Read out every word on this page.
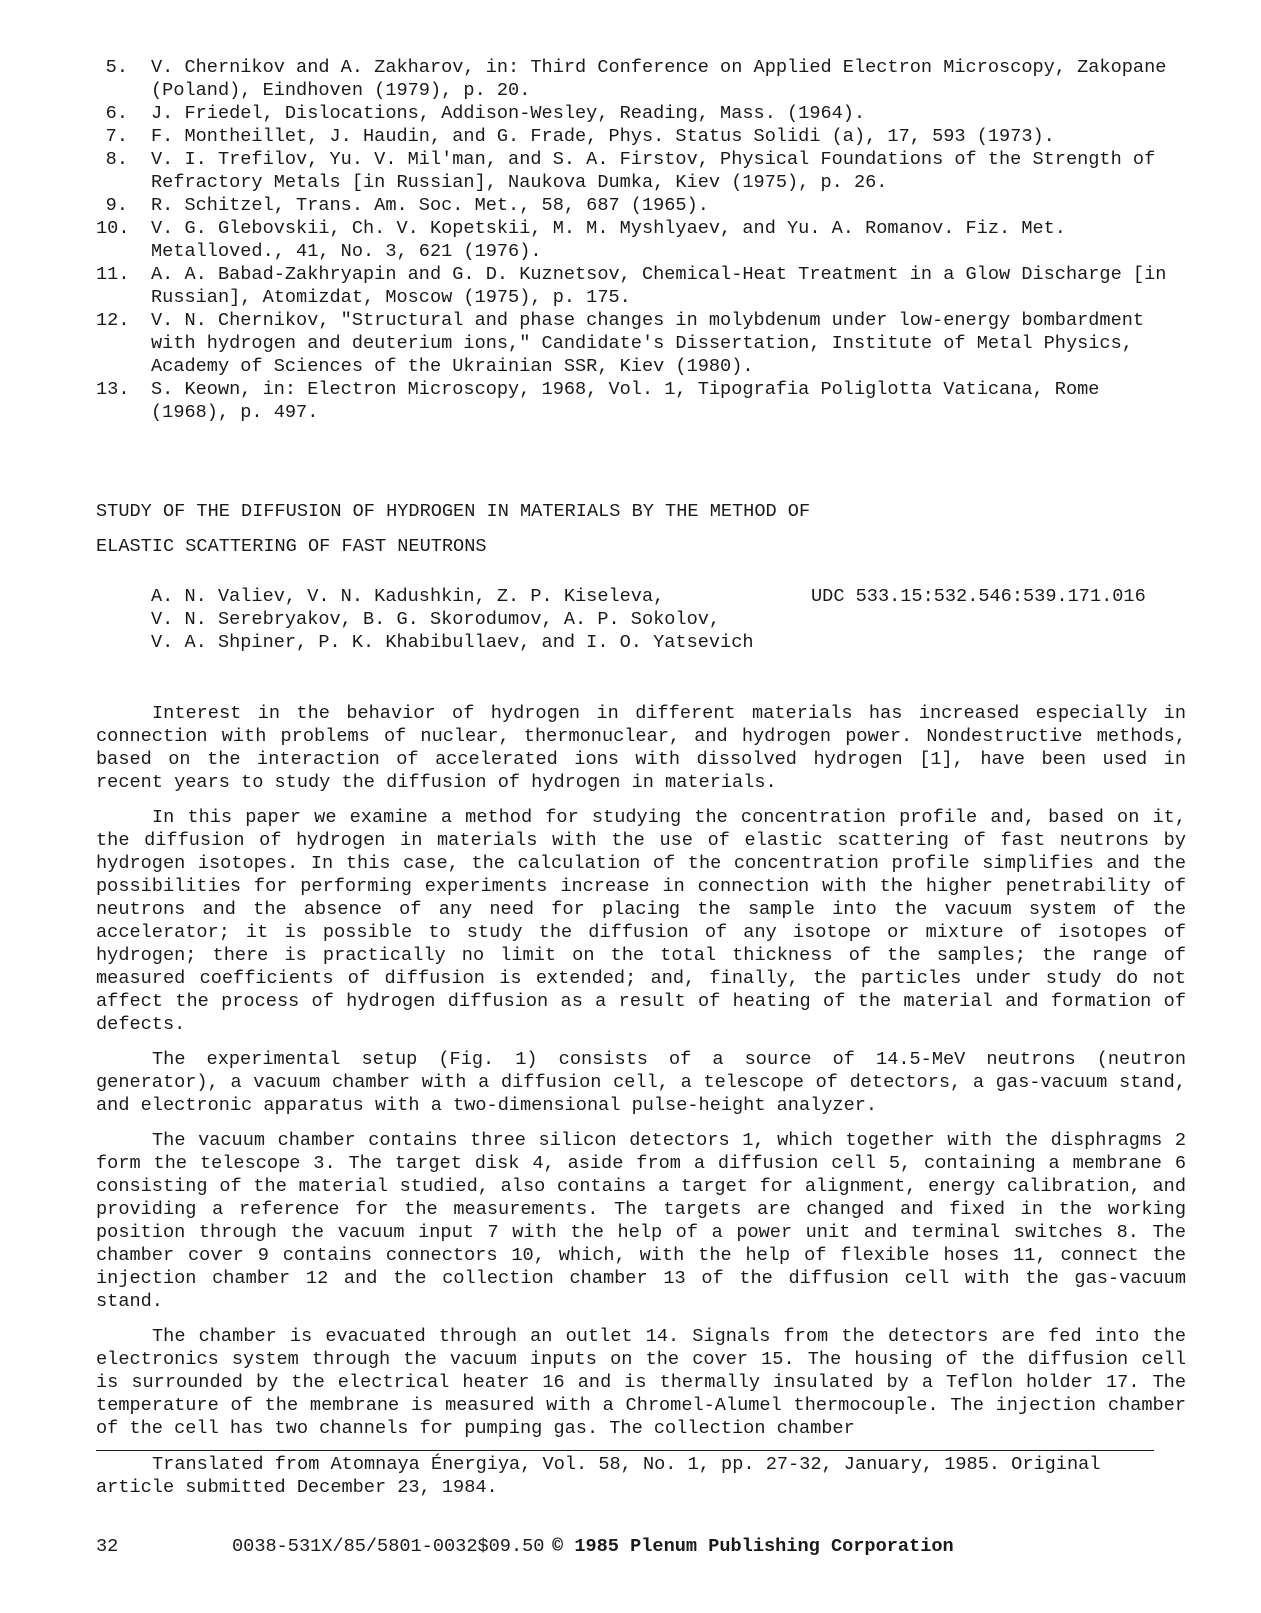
5. V. Chernikov and A. Zakharov, in: Third Conference on Applied Electron Microscopy, Zakopane (Poland), Eindhoven (1979), p. 20.
6. J. Friedel, Dislocations, Addison-Wesley, Reading, Mass. (1964).
7. F. Montheillet, J. Haudin, and G. Frade, Phys. Status Solidi (a), 17, 593 (1973).
8. V. I. Trefilov, Yu. V. Mil'man, and S. A. Firstov, Physical Foundations of the Strength of Refractory Metals [in Russian], Naukova Dumka, Kiev (1975), p. 26.
9. R. Schitzel, Trans. Am. Soc. Met., 58, 687 (1965).
10. V. G. Glebovskii, Ch. V. Kopetskii, M. M. Myshlyaev, and Yu. A. Romanov. Fiz. Met. Metalloved., 41, No. 3, 621 (1976).
11. A. A. Babad-Zakhryapin and G. D. Kuznetsov, Chemical-Heat Treatment in a Glow Discharge [in Russian], Atomizdat, Moscow (1975), p. 175.
12. V. N. Chernikov, "Structural and phase changes in molybdenum under low-energy bombardment with hydrogen and deuterium ions," Candidate's Dissertation, Institute of Metal Physics, Academy of Sciences of the Ukrainian SSR, Kiev (1980).
13. S. Keown, in: Electron Microscopy, 1968, Vol. 1, Tipografia Poliglotta Vaticana, Rome (1968), p. 497.
STUDY OF THE DIFFUSION OF HYDROGEN IN MATERIALS BY THE METHOD OF
ELASTIC SCATTERING OF FAST NEUTRONS
A. N. Valiev, V. N. Kadushkin, Z. P. Kiseleva,
V. N. Serebryakov, B. G. Skorodumov, A. P. Sokolov,
V. A. Shpiner, P. K. Khabibullaev, and I. O. Yatsevich
UDC 533.15:532.546:539.171.016

Interest in the behavior of hydrogen in different materials has increased especially in connection with problems of nuclear, thermonuclear, and hydrogen power. Nondestructive methods, based on the interaction of accelerated ions with dissolved hydrogen [1], have been used in recent years to study the diffusion of hydrogen in materials.

In this paper we examine a method for studying the concentration profile and, based on it, the diffusion of hydrogen in materials with the use of elastic scattering of fast neutrons by hydrogen isotopes. In this case, the calculation of the concentration profile simplifies and the possibilities for performing experiments increase in connection with the higher penetrability of neutrons and the absence of any need for placing the sample into the vacuum system of the accelerator; it is possible to study the diffusion of any isotope or mixture of isotopes of hydrogen; there is practically no limit on the total thickness of the samples; the range of measured coefficients of diffusion is extended; and, finally, the particles under study do not affect the process of hydrogen diffusion as a result of heating of the material and formation of defects.

The experimental setup (Fig. 1) consists of a source of 14.5-MeV neutrons (neutron generator), a vacuum chamber with a diffusion cell, a telescope of detectors, a gas-vacuum stand, and electronic apparatus with a two-dimensional pulse-height analyzer.

The vacuum chamber contains three silicon detectors 1, which together with the disphragms 2 form the telescope 3. The target disk 4, aside from a diffusion cell 5, containing a membrane 6 consisting of the material studied, also contains a target for alignment, energy calibration, and providing a reference for the measurements. The targets are changed and fixed in the working position through the vacuum input 7 with the help of a power unit and terminal switches 8. The chamber cover 9 contains connectors 10, which, with the help of flexible hoses 11, connect the injection chamber 12 and the collection chamber 13 of the diffusion cell with the gas-vacuum stand.

The chamber is evacuated through an outlet 14. Signals from the detectors are fed into the electronics system through the vacuum inputs on the cover 15. The housing of the diffusion cell is surrounded by the electrical heater 16 and is thermally insulated by a Teflon holder 17. The temperature of the membrane is measured with a Chromel-Alumel thermocouple. The injection chamber of the cell has two channels for pumping gas. The collection chamber

Translated from Atomnaya Énergiya, Vol. 58, No. 1, pp. 27-32, January, 1985. Original article submitted December 23, 1984.
32	0038-531X/85/5801-0032$09.50 © 1985 Plenum Publishing Corporation
